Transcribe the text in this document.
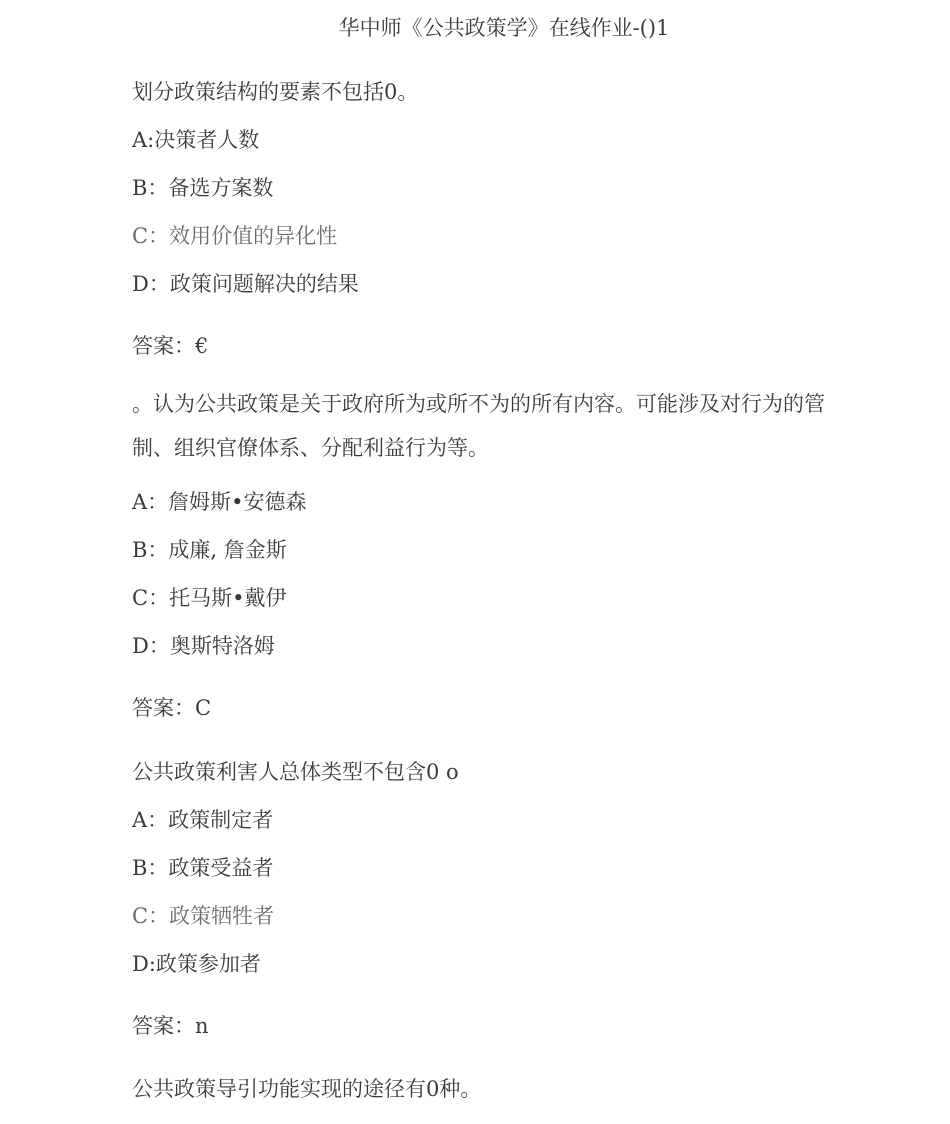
华中师《公共政策学》在线作业-()1
划分政策结构的要素不包括0。
A:决策者人数
B：备选方案数
C：效用价值的异化性
D：政策问题解决的结果
答案：€
。认为公共政策是关于政府所为或所不为的所有内容。可能涉及对行为的管制、组织官僚体系、分配利益行为等。
A：詹姆斯•安德森
B：成廉, 詹金斯
C：托马斯•戴伊
D：奥斯特洛姆
答案：C
公共政策利害人总体类型不包含0 o
A：政策制定者
B：政策受益者
C：政策牺牲者
D:政策参加者
答案：n
公共政策导引功能实现的途径有0种。
